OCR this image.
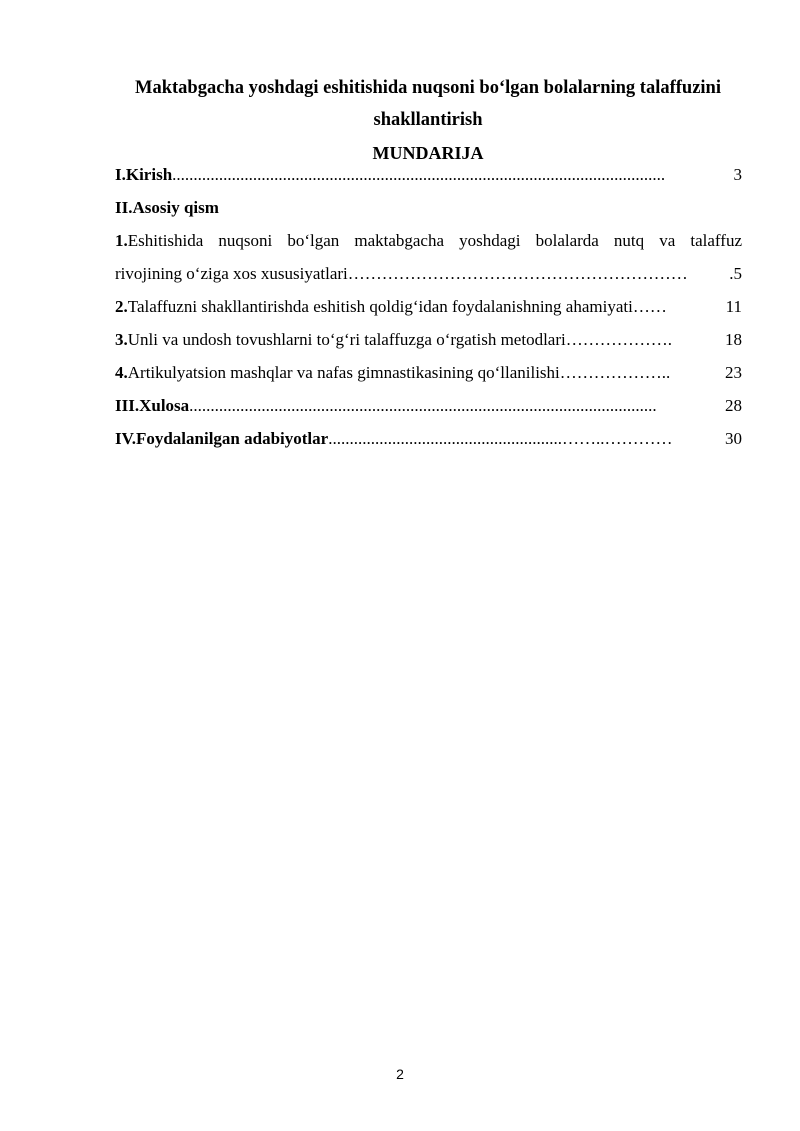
Maktabgacha yoshdagi eshitishida nuqsoni bo‘lgan bolalarning talaffuzini
shakllantirish
MUNDARIJA
I.Kirish ....................................................................................................................	3
II.Asosiy qism
1.Eshitishida nuqsoni bo‘lgan maktabgacha yoshdagi bolalarda nutq va talaffuz
rivojining o‘ziga xos xususiyatlari ……………………………………………………	.5
2.Talaffuzni shakllantirishda eshitish qoldig‘idan foydalanishning ahamiyati ……	11
3.Unli va undosh tovushlarni to‘g‘ri talaffuzga o‘rgatish metodlari ……………….	18
4.Artikulyatsion mashqlar va nafas gimnastikasining qo‘llanilishi ………………..	23
III.Xulosa ..............................................................................................................	28
IV.Foydalanilgan adabiyotlar .......................................................……..…………	30
2
